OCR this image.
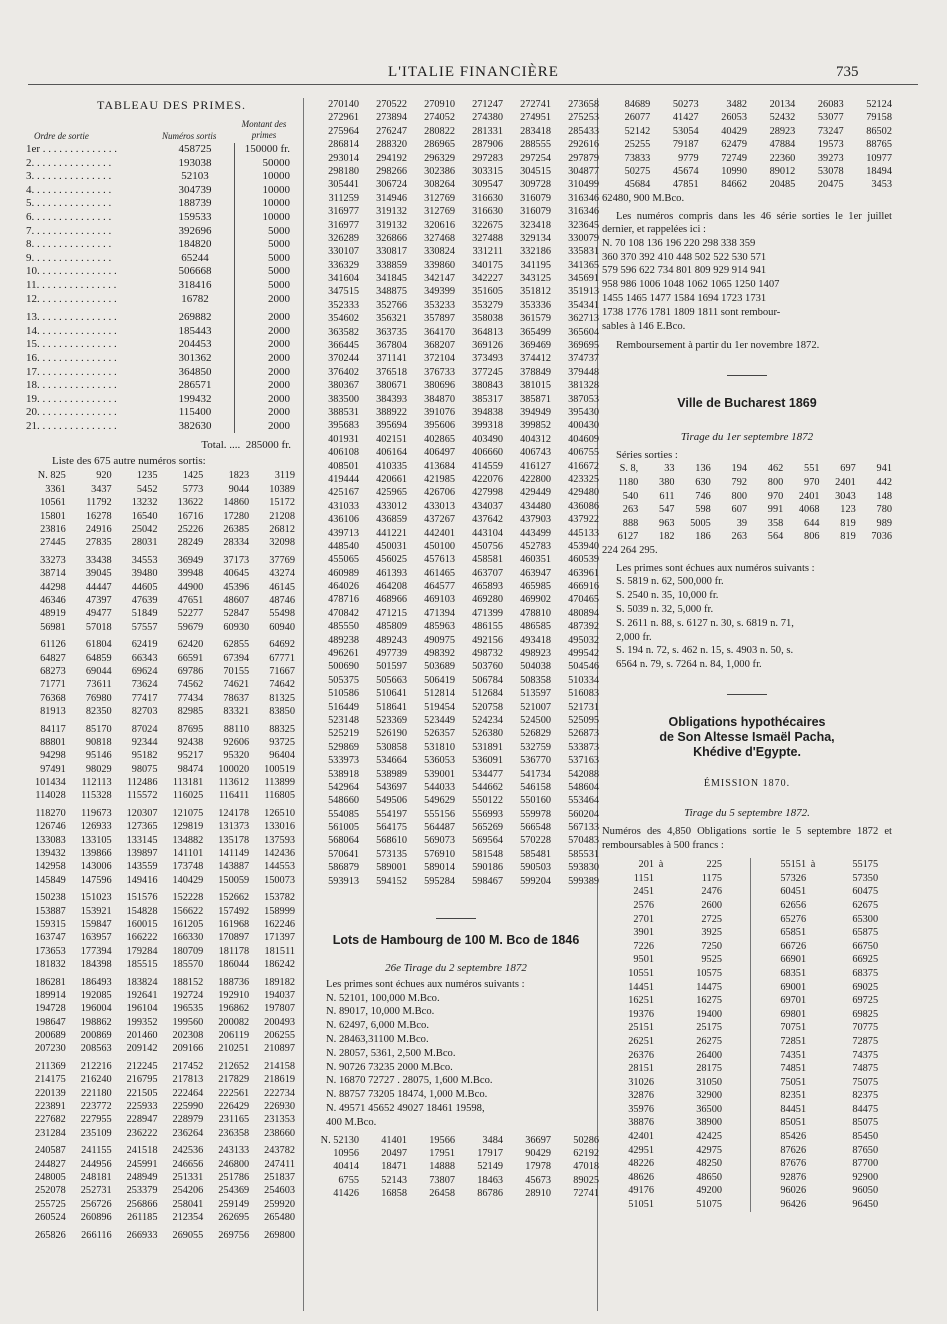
L'ITALIE FINANCIÈRE	735
TABLEAU DES PRIMES.
Ordre de sortie	Numéros sortis
Montant des primes
1er . . . . . . . . . . . . . .	458725	150000 fr.
2. . . . . . . . . . . . . . .	193038	50000
3. . . . . . . . . . . . . . .	52103	10000
4. . . . . . . . . . . . . . .	304739	10000
5. . . . . . . . . . . . . . .	188739	10000
6. . . . . . . . . . . . . . .	159533	10000
7. . . . . . . . . . . . . . .	392696	5000
8. . . . . . . . . . . . . . .	184820	5000
9. . . . . . . . . . . . . . .	65244	5000
10. . . . . . . . . . . . . . .	506668	5000
11. . . . . . . . . . . . . . .	318416	5000
12. . . . . . . . . . . . . . .	16782	2000
13. . . . . . . . . . . . . . .	269882	2000
14. . . . . . . . . . . . . . .	185443	2000
15. . . . . . . . . . . . . . .	204453	2000
16. . . . . . . . . . . . . . .	301362	2000
17. . . . . . . . . . . . . . .	364850	2000
18. . . . . . . . . . . . . . .	286571	2000
19. . . . . . . . . . . . . . .	199432	2000
20. . . . . . . . . . . . . . .	115400	2000
21. . . . . . . . . . . . . . .	382630	2000
Total. .... 285000 fr.
Liste des 675 autre numéros sortis:
N. 825	920	1235	1425	1823	3119
3361	3437	5452	5773	9044	10389
10561	11792	13232	13622	14860	15172
15801	16278	16540	16716	17280	21208
23816	24916	25042	25226	26385	26812
27445	27835	28031	28249	28334	32098
33273	33438	34553	36949	37173	37769
38714	39045	39480	39948	40645	43274
44298	44447	44605	44900	45396	46145
46346	47397	47639	47651	48607	48746
48919	49477	51849	52277	52847	55498
56981	57018	57557	59679	60930	60940
61126	61804	62419	62420	62855	64692
64827	64859	66343	66591	67394	67771
68273	69044	69624	69786	70155	71667
71771	73611	73624	74562	74621	74642
76368	76980	77417	77434	78637	81325
81913	82350	82703	82985	83321	83850
84117	85170	87024	87695	88110	88325
88801	90818	92344	92438	92606	93725
94298	95146	95182	95217	95320	96404
97491	98029	98075	98474	100020	100519
101434	112113	112486	113181	113612	113899
114028	115328	115572	116025	116411	116805
118270	119673	120307	121075	124178	126510
126746	126933	127365	129819	131373	133016
133083	133105	133145	134882	135178	137593
139432	139866	139897	141101	141149	142436
142958	143006	143559	173748	143887	144553
145849	147596	149416	140429	150059	150073
150238	151023	151576	152228	152662	153782
153887	153921	154828	156622	157492	158999
159315	159847	160015	161205	161968	162246
163747	163957	166222	166330	170897	171397
173653	177394	179284	180709	181178	181511
181832	184398	185515	185570	186044	186242
186281	186493	183824	188152	188736	189182
189914	192085	192641	192724	192910	194037
194728	196004	196104	196535	196862	197807
198647	198862	199352	199560	200082	200493
200689	200869	201460	202308	206119	206255
207230	208563	209142	209166	210251	210897
211369	212216	212245	217452	212652	214158
214175	216240	216795	217813	217829	218619
220139	221180	221505	222464	222561	222734
223891	223772	225933	225990	226429	226930
227682	227955	228947	228979	231165	231353
231284	235109	236222	236264	236358	238660
240587	241155	241518	242536	243133	243782
244827	244956	245991	246656	246800	247411
248005	248181	248949	251331	251786	251837
252078	252731	253379	254206	254369	254603
255725	256726	256866	258041	259149	259920
260524	260896	261185	212354	262695	265480
265826	266116	266933	269055	269756	269800
270140	270522	270910	271247	272741	273658
272961	273894	274052	274380	274951	275253
275964	276247	280822	281331	283418	285433
286814	288320	286965	287906	288555	292616
293014	294192	296329	297283	297254	297879
298180	298266	302386	303315	304515	304877
305441	306724	308264	309547	309728	310499
311259	314946	312769	316630	316079	316346
316977	319132	312769	316630	316079	316346
316977	319132	320616	322675	323418	323645
326289	326866	327468	327488	329134	330079
330107	330817	330824	331211	332186	335831
336329	338859	339860	340175	341195	341365
341604	341845	342147	342227	343125	345691
347515	348875	349399	351605	351812	351913
352333	352766	353233	353279	353336	354341
354602	356321	357897	358038	361579	362713
363582	363735	364170	364813	365499	365604
366445	367804	368207	369126	369469	369695
370244	371141	372104	373493	374412	374737
376402	376518	376733	377245	378849	379448
380367	380671	380696	380843	381015	381328
383500	384393	384870	385317	385871	387053
388531	388922	391076	394838	394949	395430
395683	395694	395606	399318	399852	400430
401931	402151	402865	403490	404312	404609
406108	406164	406497	406660	406743	406755
408501	410335	413684	414559	416127	416672
419444	420661	421985	422076	422800	423325
425167	425965	426706	427998	429449	429480
431033	433012	433013	434037	434480	436086
436106	436859	437267	437642	437903	437922
439713	441221	442401	443104	443499	445133
448540	450031	450100	450756	452783	453940
455065	456025	457613	458581	460351	460539
460989	461393	461465	463707	463947	463961
464026	464208	464577	465893	465985	466916
478716	468966	469103	469280	469902	470465
470842	471215	471394	471399	478810	480894
485550	485809	485963	486155	486585	487392
489238	489243	490975	492156	493418	495032
496261	497739	498392	498732	498923	499542
500690	501597	503689	503760	504038	504546
505375	505663	506419	506784	508358	510334
510586	510641	512814	512684	513597	516083
516449	518641	519454	520758	521007	521731
523148	523369	523449	524234	524500	525095
525219	526190	526357	526380	526829	526873
529869	530858	531810	531891	532759	533873
533973	534664	536053	536091	536770	537163
538918	538989	539001	534477	541734	542088
542964	543697	544033	544662	546158	548604
548660	549506	549629	550122	550160	553464
554085	554197	555156	556993	559978	560204
561005	564175	564487	565269	566548	567133
568064	568610	569073	569564	570228	570483
570641	573135	576910	581548	585481	585531
586879	589001	589014	590186	590503	593830
593913	594152	595284	598467	599204	599389
Lots de Hambourg de 100 M. Bco de 1846
26e Tirage du 2 septembre 1872
Les primes sont échues aux numéros suivants :
N. 52101, 100,000 M.Bco.
N. 89017, 10,000 M.Bco.
N. 62497, 6,000 M.Bco.
N. 28463,31100 M.Bco.
N. 28057, 5361, 2,500 M.Bco.
N. 90726 73235 2000 M.Bco.
N. 16870 72727 . 28075, 1,600 M.Bco.
N. 88757 73205 18474, 1,000 M.Bco.
N. 49571 45652 49027 18461 19598,
400 M.Bco.
N. 52130	41401	19566	3484	36697	50286
10956	20497	17951	17917	90429	62192
40414	18471	14888	52149	17978	47018
6755	52143	73807	18463	45673	89025
41426	16858	26458	86786	28910	72741
84689	50273	3482	20134	26083	52124
26077	41427	26053	52432	53077	79158
52142	53054	40429	28923	73247	86502
25255	79187	62479	47884	19573	88765
73833	9779	72749	22360	39273	10977
50275	45674	10990	89012	53078	18494
45684	47851	84662	20485	20475	3453
62480, 900 M.Bco.
Les numéros compris dans les 46 série sorties le 1er juillet dernier, et rappelées ici :
N. 70 108 136 196 220 298 338 359
360 370 392 410 448 502 522 530 571
579 596 622 734 801 809 929 914 941
958 986 1006 1048 1062 1065 1250 1407
1455 1465 1477 1584 1694 1723 1731
1738 1776 1781 1809 1811 sont rembour-
sables à 146 E.Bco.
Remboursement à partir du 1er novembre 1872.
Ville de Bucharest 1869
Tirage du 1er septembre 1872
Séries sorties :
S. 8,	33	136	194	462	551	697	941
1180	380	630	792	800	970	2401	442
540	611	746	800	970	2401	3043	148
263	547	598	607	991	4068	123	780
888	963	5005	39	358	644	819	989
6127	182	186	263	564	806	819	7036
224 264 295.
Les primes sont échues aux numéros suivants :
S. 5819 n. 62, 500,000 fr.
S. 2540 n. 35, 10,000 fr.
S. 5039 n. 32, 5,000 fr.
S. 2611 n. 88, s. 6127 n. 30, s. 6819 n. 71,
2,000 fr.
S. 194 n. 72, s. 462 n. 15, s. 4903 n. 50, s.
6564 n. 79, s. 7264 n. 84, 1,000 fr.
Obligations hypothécaires
de Son Altesse Ismaël Pacha,
Khédive d'Egypte.
ÉMISSION 1870.
Tirage du 5 septembre 1872.
Numéros des 4,850 Obligations sortie le 5 septembre 1872 et remboursables à 500 francs :
201 à	225
1151	1175
2451	2476
2576	2600
2701	2725
3901	3925
7226	7250
9501	9525
10551	10575
14451	14475
16251	16275
19376	19400
25151	25175
26251	26275
26376	26400
28151	28175
31026	31050
32876	32900
35976	36500
38876	38900
42401	42425
42951	42975
48226	48250
48626	48650
49176	49200
51051	51075
55151 à	55175
57326	57350
60451	60475
62656	62675
65276	65300
65851	65875
66726	66750
66901	66925
68351	68375
69001	69025
69701	69725
69801	69825
70751	70775
72851	72875
74351	74375
74851	74875
75051	75075
82351	82375
84451	84475
85051	85075
85426	85450
87626	87650
87676	87700
92876	92900
96026	96050
96426	96450
